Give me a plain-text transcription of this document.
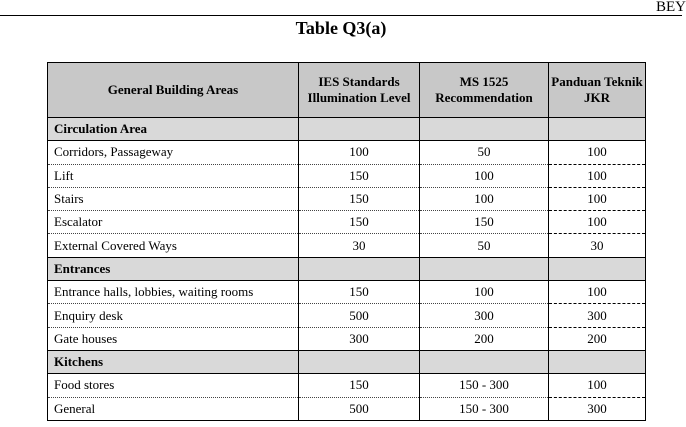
BEY
Table Q3(a)
General Building Areas	IES Standards Illumination Level	MS 1525 Recommendation	Panduan Teknik JKR
Circulation Area			
Corridors, Passageway	100	50	100
Lift	150	100	100
Stairs	150	100	100
Escalator	150	150	100
External Covered Ways	30	50	30
Entrances			
Entrance halls, lobbies, waiting rooms	150	100	100
Enquiry desk	500	300	300
Gate houses	300	200	200
Kitchens			
Food stores	150	150 - 300	100
General	500	150 - 300	300
